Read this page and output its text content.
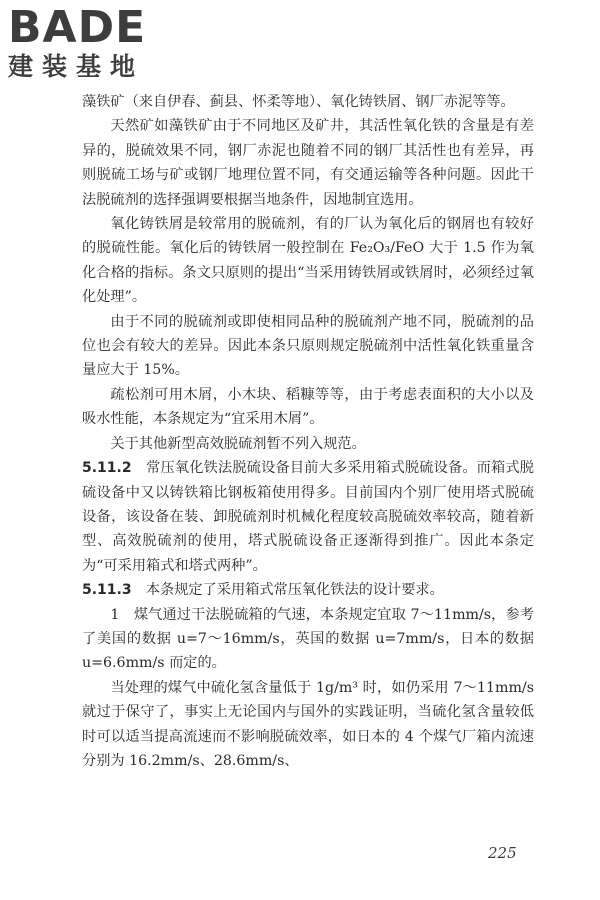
BADE
建装基地

藻铁矿（来自伊春、蓟县、怀柔等地）、氧化铸铁屑、钢厂赤泥等等。

天然矿如藻铁矿由于不同地区及矿井，其活性氧化铁的含量是有差异的，脱硫效果不同，钢厂赤泥也随着不同的钢厂其活性也有差异，再则脱硫工场与矿或钢厂地理位置不同，有交通运输等各种问题。因此干法脱硫剂的选择强调要根据当地条件，因地制宜选用。

氧化铸铁屑是较常用的脱硫剂，有的厂认为氧化后的钢屑也有较好的脱硫性能。氧化后的铸铁屑一般控制在 Fe₂O₃/FeO 大于 1.5 作为氧化合格的指标。条文只原则的提出“当采用铸铁屑或铁屑时，必须经过氧化处理”。

由于不同的脱硫剂或即使相同品种的脱硫剂产地不同，脱硫剂的品位也会有较大的差异。因此本条只原则规定脱硫剂中活性氧化铁重量含量应大于 15%。

疏松剂可用木屑，小木块、稻糠等等，由于考虑表面积的大小以及吸水性能，本条规定为“宜采用木屑”。

关于其他新型高效脱硫剂暂不列入规范。

5.11.2　 常压氧化铁法脱硫设备目前大多采用箱式脱硫设备。而箱式脱硫设备中又以铸铁箱比钢板箱使用得多。目前国内个别厂使用塔式脱硫设备，该设备在装、卸脱硫剂时机械化程度较高脱硫效率较高，随着新型、高效脱硫剂的使用，塔式脱硫设备正逐渐得到推广。因此本条定为“可采用箱式和塔式两种”。

5.11.3　 本条规定了采用箱式常压氧化铁法的设计要求。

1　煤气通过干法脱硫箱的气速，本条规定宜取 7～11mm/s，参考了美国的数据 u=7～16mm/s，英国的数据 u=7mm/s，日本的数据 u=6.6mm/s 而定的。

当处理的煤气中硫化氢含量低于 1g/m³ 时，如仍采用 7～11mm/s 就过于保守了，事实上无论国内与国外的实践证明，当硫化氢含量较低时可以适当提高流速而不影响脱硫效率，如日本的 4 个煤气厂箱内流速分别为 16.2mm/s、28.6mm/s、

225
